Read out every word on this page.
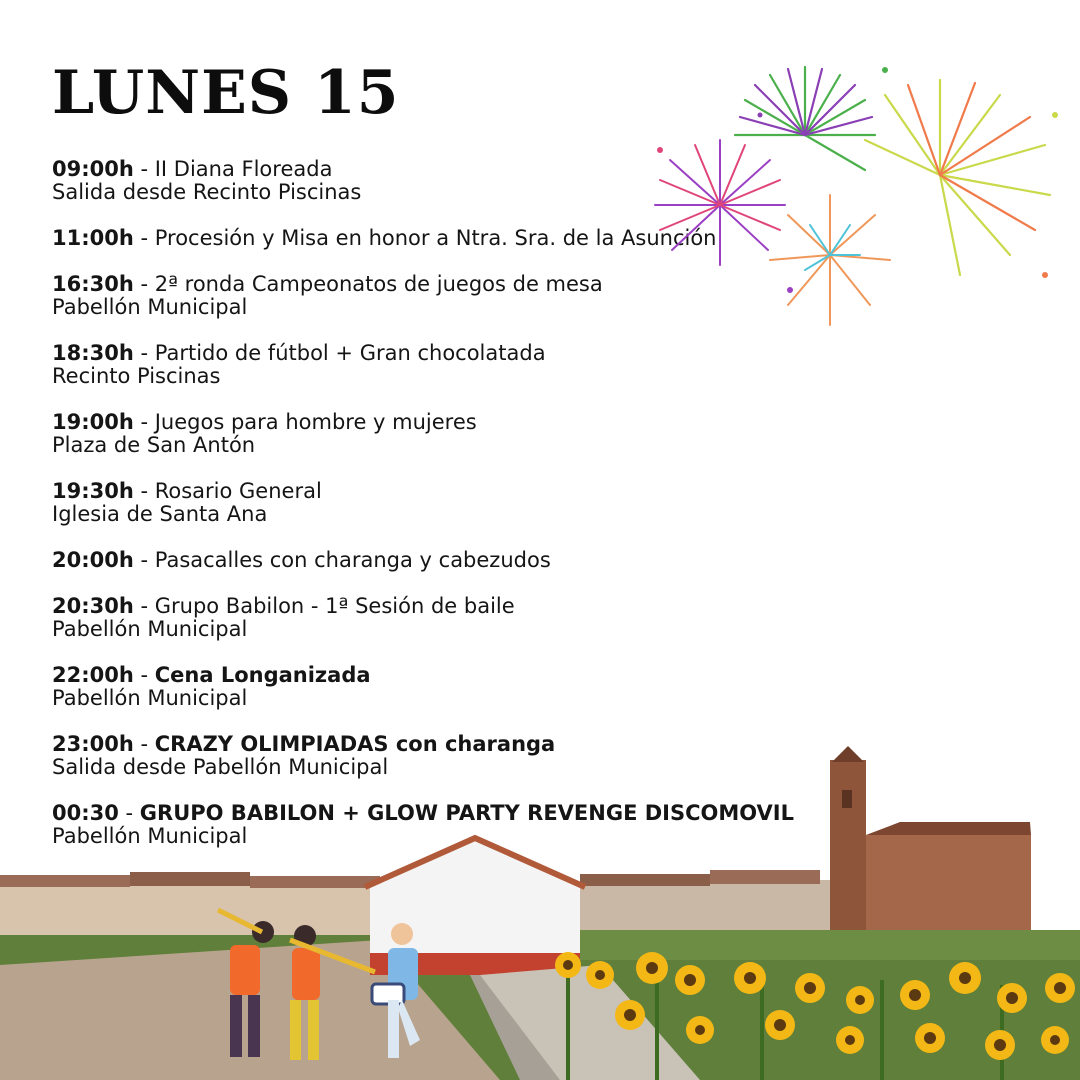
LUNES 15
09:00h - II Diana Floreada
Salida desde Recinto Piscinas
11:00h - Procesión y Misa en honor a Ntra. Sra. de la Asunción
16:30h - 2ª ronda Campeonatos de juegos de mesa
Pabellón Municipal
18:30h - Partido de fútbol + Gran chocolatada
Recinto Piscinas
19:00h - Juegos para hombre y mujeres
Plaza de San Antón
19:30h - Rosario General
Iglesia de Santa Ana
20:00h - Pasacalles con charanga y cabezudos
20:30h - Grupo Babilon - 1ª Sesión de baile
Pabellón Municipal
22:00h - Cena Longanizada
Pabellón Municipal
23:00h - CRAZY OLIMPIADAS con charanga
Salida desde Pabellón Municipal
00:30 - GRUPO BABILON + GLOW PARTY REVENGE DISCOMOVIL
Pabellón Municipal
